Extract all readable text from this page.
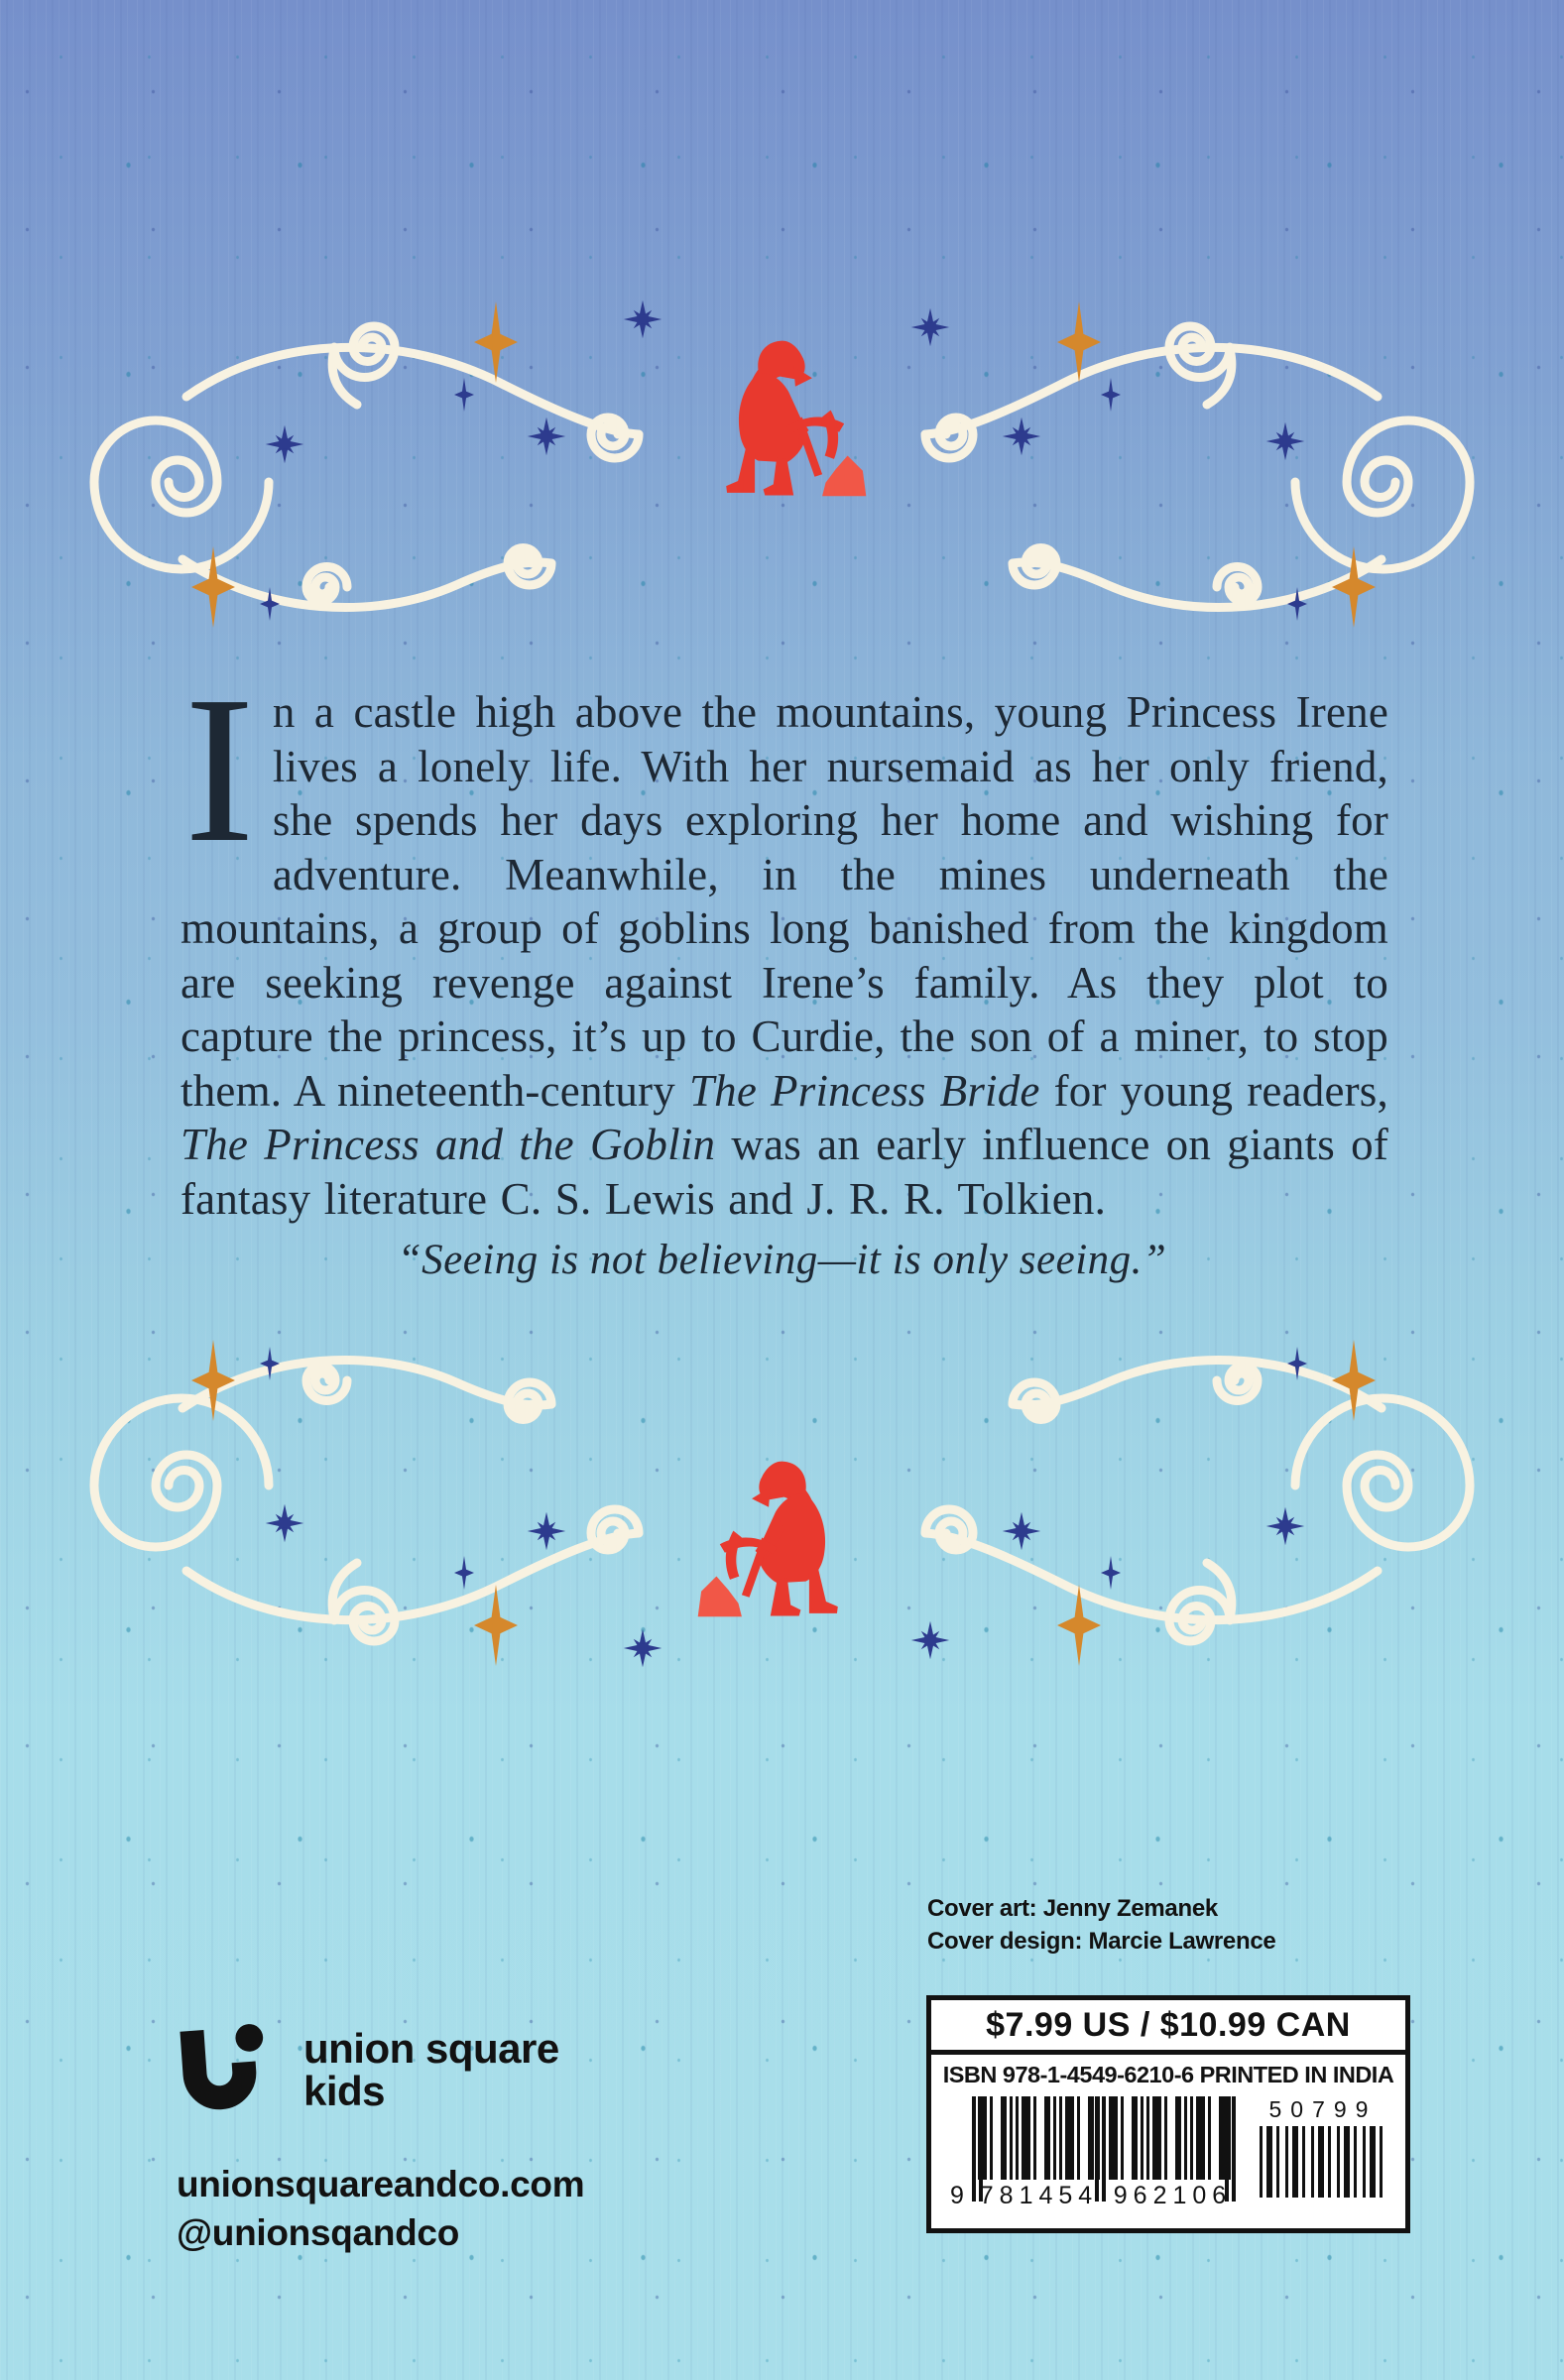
In a castle high above the mountains, young Princess Irene lives a lonely life. With her nursemaid as her only friend, she spends her days exploring her home and wishing for adventure. Meanwhile, in the mines underneath the mountains, a group of goblins long banished from the kingdom are seeking revenge against Irene’s family. As they plot to capture the princess, it’s up to Curdie, the son of a miner, to stop them. A nineteenth-century The Princess Bride for young readers, The Princess and the Goblin was an early influence on giants of fantasy literature C. S. Lewis and J. R. R. Tolkien.

“Seeing is not believing—it is only seeing.”
Cover art: Jenny Zemanek
Cover design: Marcie Lawrence
union square
kids
unionsquareandco.com
@unionsqandco
$7.99 US / $10.99 CAN
ISBN 978-1-4549-6210-6 PRINTED IN INDIA
9 781454 962106
50799
